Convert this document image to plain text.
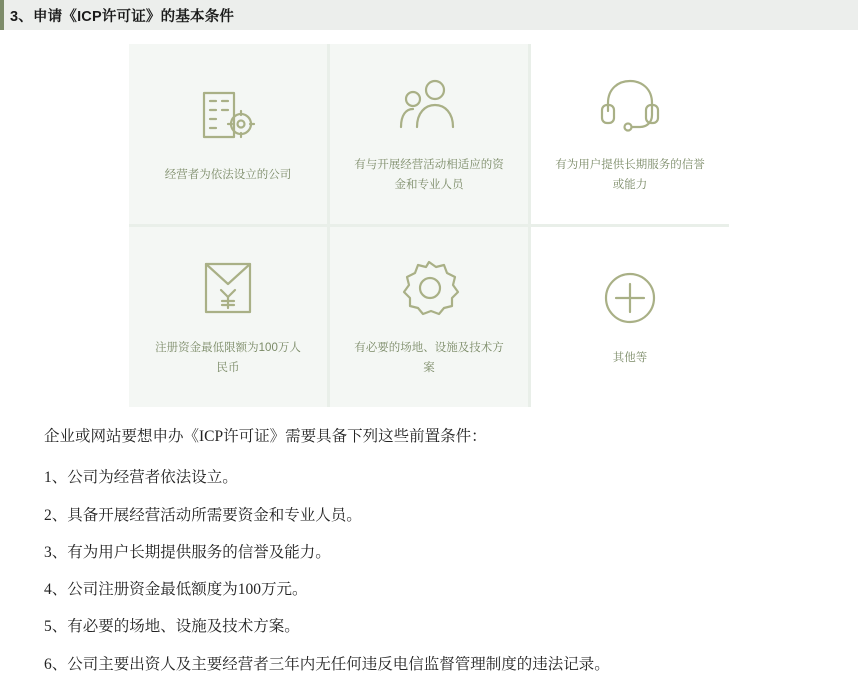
3、申请《ICP许可证》的基本条件
经营者为依法设立的公司
有与开展经营活动相适应的资金和专业人员
有为用户提供长期服务的信誉或能力
注册资金最低限额为100万人民币
有必要的场地、设施及技术方案
其他等

企业或网站要想申办《ICP许可证》需要具备下列这些前置条件：

1、公司为经营者依法设立。

2、具备开展经营活动所需要资金和专业人员。

3、有为用户长期提供服务的信誉及能力。

4、公司注册资金最低额度为100万元。

5、有必要的场地、设施及技术方案。

6、公司主要出资人及主要经营者三年内无任何违反电信监督管理制度的违法记录。
